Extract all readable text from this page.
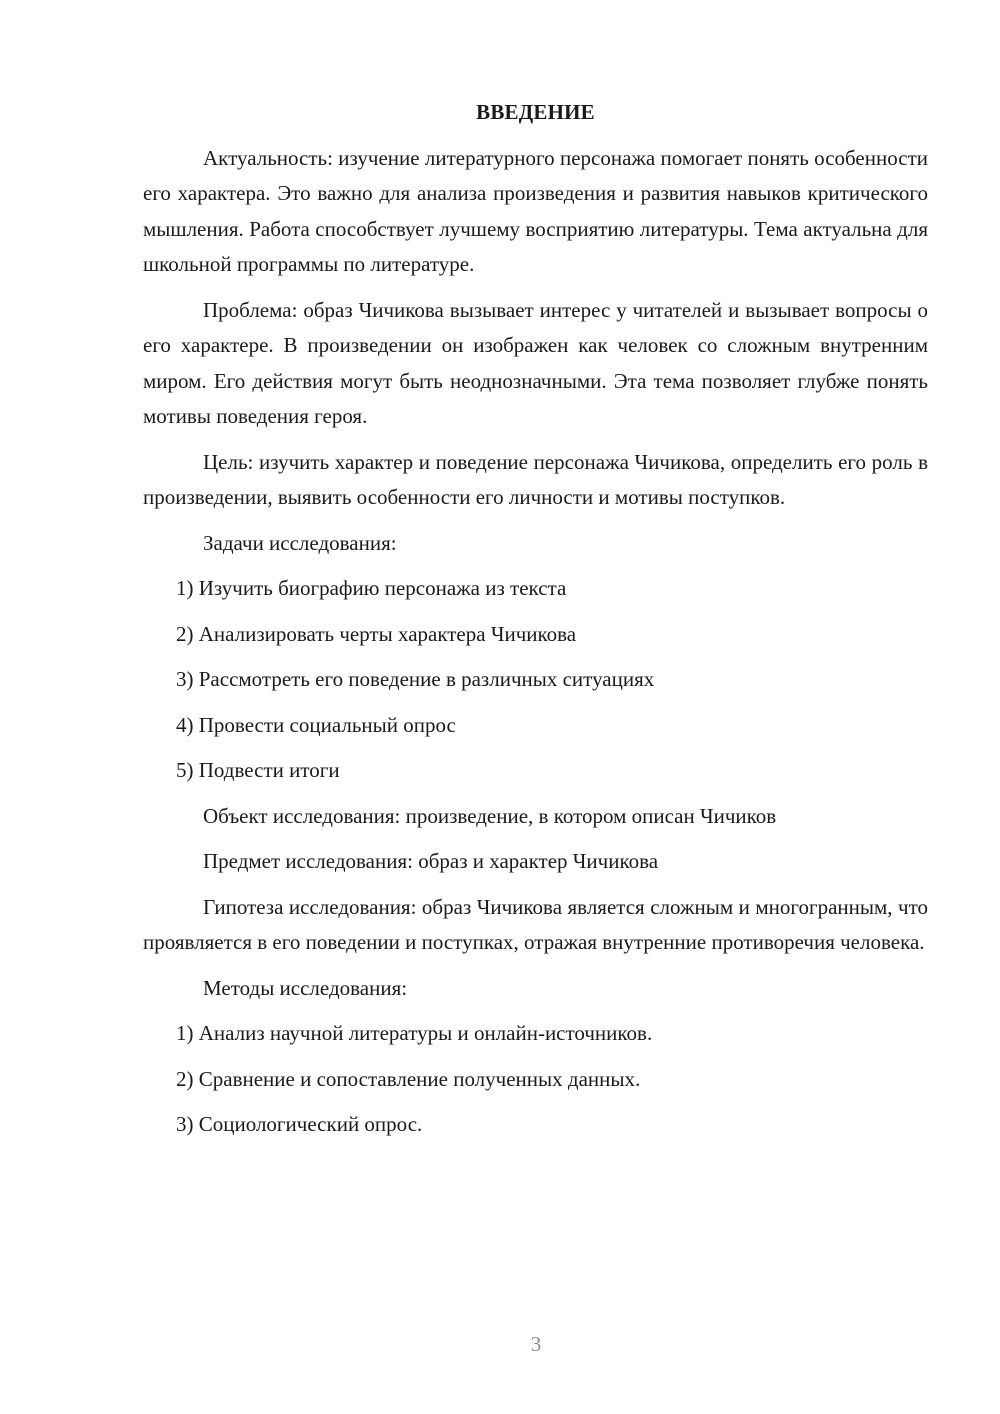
ВВЕДЕНИЕ

Актуальность: изучение литературного персонажа помогает понять особенности его характера. Это важно для анализа произведения и развития навыков критического мышления. Работа способствует лучшему восприятию литературы. Тема актуальна для школьной программы по литературе.

Проблема: образ Чичикова вызывает интерес у читателей и вызывает вопросы о его характере. В произведении он изображен как человек со сложным внутренним миром. Его действия могут быть неоднозначными. Эта тема позволяет глубже понять мотивы поведения героя.

Цель: изучить характер и поведение персонажа Чичикова, определить его роль в произведении, выявить особенности его личности и мотивы поступков.

Задачи исследования:

1) Изучить биографию персонажа из текста
2) Анализировать черты характера Чичикова
3) Рассмотреть его поведение в различных ситуациях
4) Провести социальный опрос
5) Подвести итоги

Объект исследования: произведение, в котором описан Чичиков

Предмет исследования: образ и характер Чичикова

Гипотеза исследования: образ Чичикова является сложным и многогранным, что проявляется в его поведении и поступках, отражая внутренние противоречия человека.

Методы исследования:

1) Анализ научной литературы и онлайн-источников.
2) Сравнение и сопоставление полученных данных.
3) Социологический опрос.
3
